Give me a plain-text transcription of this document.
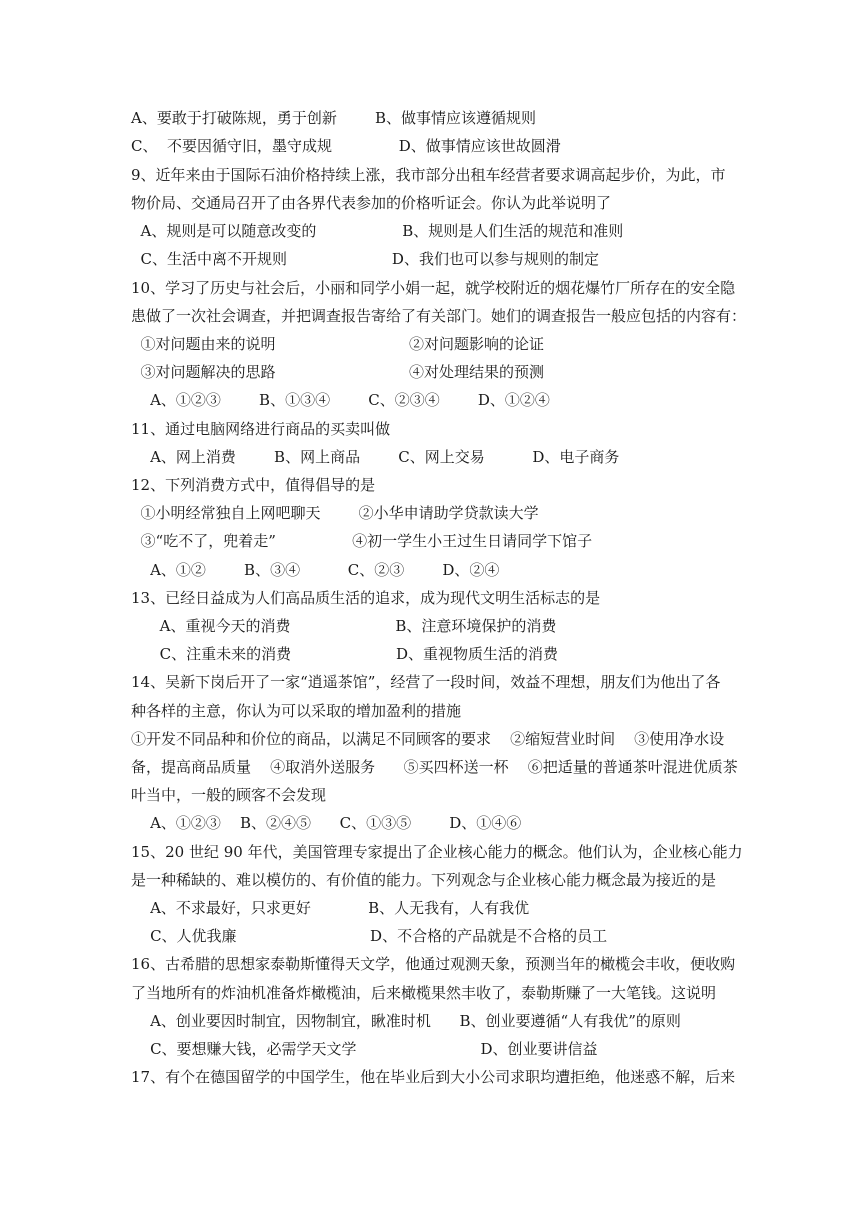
A、要敢于打破陈规，勇于创新        B、做事情应该遵循规则
C、  不要因循守旧，墨守成规              D、做事情应该世故圆滑
9、近年来由于国际石油价格持续上涨，我市部分出租车经营者要求调高起步价，为此，市
物价局、交通局召开了由各界代表参加的价格听证会。你认为此举说明了
A、规则是可以随意改变的                  B、规则是人们生活的规范和准则
C、生活中离不开规则                      D、我们也可以参与规则的制定
10、学习了历史与社会后，小丽和同学小娟一起，就学校附近的烟花爆竹厂所存在的安全隐
患做了一次社会调查，并把调查报告寄给了有关部门。她们的调查报告一般应包括的内容有：
①对问题由来的说明                            ②对问题影响的论证
③对问题解决的思路                            ④对处理结果的预测
A、①②③        B、①③④        C、②③④        D、①②④
11、通过电脑网络进行商品的买卖叫做
A、网上消费        B、网上商品        C、网上交易          D、电子商务
12、下列消费方式中，值得倡导的是
①小明经常独自上网吧聊天        ②小华申请助学贷款读大学
③“吃不了，兜着走”                ④初一学生小王过生日请同学下馆子
A、①②        B、③④          C、②③        D、②④
13、已经日益成为人们高品质生活的追求，成为现代文明生活标志的是
A、重视今天的消费                      B、注意环境保护的消费
C、注重未来的消费                      D、重视物质生活的消费
14、吴新下岗后开了一家“逍遥茶馆”，经营了一段时间，效益不理想，朋友们为他出了各
种各样的主意，你认为可以采取的增加盈利的措施
①开发不同品种和价位的商品，以满足不同顾客的要求    ②缩短营业时间    ③使用净水设
备，提高商品质量    ④取消外送服务      ⑤买四杯送一杯    ⑥把适量的普通茶叶混进优质茶
叶当中，一般的顾客不会发现
A、①②③    B、②④⑤      C、①③⑤        D、①④⑥
15、20 世纪 90 年代，美国管理专家提出了企业核心能力的概念。他们认为，企业核心能力
是一种稀缺的、难以模仿的、有价值的能力。下列观念与企业核心能力概念最为接近的是
A、不求最好，只求更好            B、人无我有，人有我优
C、人优我廉                            D、不合格的产品就是不合格的员工
16、古希腊的思想家泰勒斯懂得天文学，他通过观测天象，预测当年的橄榄会丰收，便收购
了当地所有的炸油机准备炸橄榄油，后来橄榄果然丰收了，泰勒斯赚了一大笔钱。这说明
A、创业要因时制宜，因物制宜，瞅准时机      B、创业要遵循“人有我优”的原则
C、要想赚大钱，必需学天文学                          D、创业要讲信益
17、有个在德国留学的中国学生，他在毕业后到大小公司求职均遭拒绝，他迷惑不解，后来
